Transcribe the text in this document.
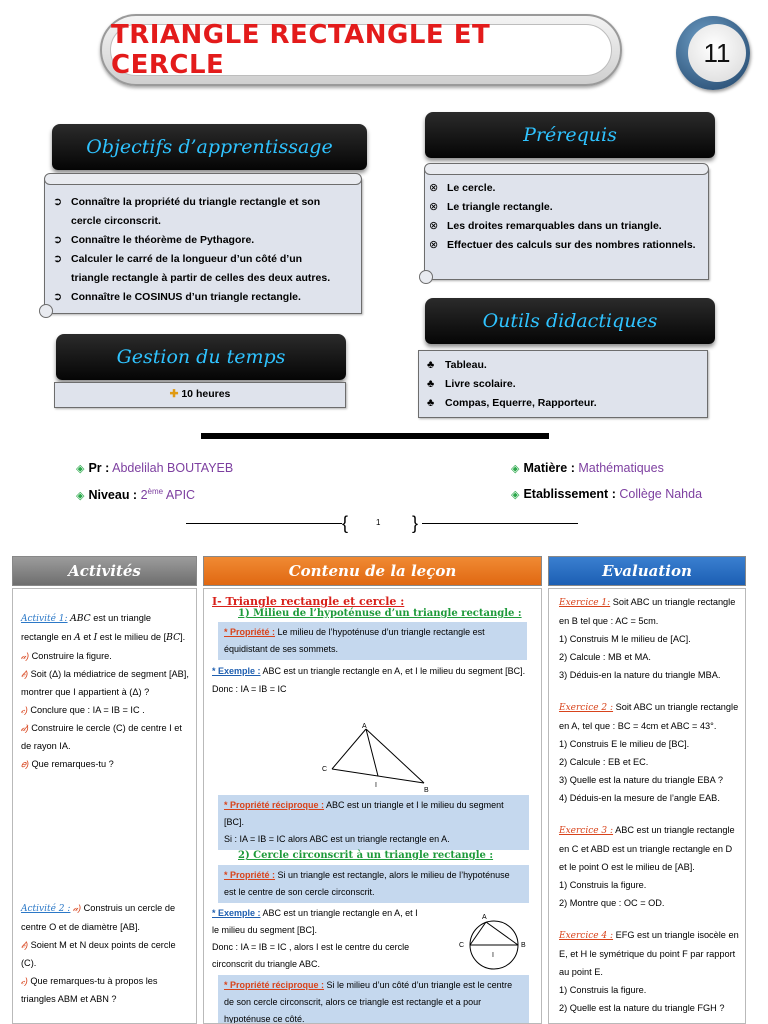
TRIANGLE RECTANGLE ET CERCLE	11
Objectifs d’apprentissage
➲ Connaître la propriété du triangle rectangle et son cercle circonscrit.
➲ Connaître le théorème de Pythagore.
➲ Calculer le carré de la longueur d’un côté d’un triangle rectangle à partir de celles des deux autres.
➲ Connaître le COSINUS d’un triangle rectangle.
Prérequis
⊗ Le cercle.
⊗ Le triangle rectangle.
⊗ Les droites remarquables dans un triangle.
⊗ Effectuer des calculs sur des nombres rationnels.
Gestion du temps
✚ 10 heures
Outils didactiques
♣ Tableau.
♣ Livre scolaire.
♣ Compas, Equerre, Rapporteur.
◈ Pr : Abdelilah BOUTAYEB
◈ Niveau : 2ème APIC
◈ Matière : Mathématiques
◈ Etablissement : Collège Nahda
{	1 }
Activités	Contenu de la leçon	Evaluation
Activité 1: ABC est un triangle rectangle en A et I est le milieu de [BC].
𝒶) Construire la figure.
𝒷) Soit (Δ) la médiatrice de segment [AB], montrer que I appartient à (Δ) ?
𝒸) Conclure que : IA = IB = IC .
𝒹) Construire le cercle (C) de centre I et de rayon IA.
𝑒) Que remarques-tu ?
Activité 2 : 𝒶) Construis un cercle de centre O et de diamètre [AB].
𝒷) Soient M et N deux points de cercle (C).
𝒸) Que remarques-tu à propos les triangles ABM et ABN ?
I- Triangle rectangle et cercle :
1) Milieu de l’hypoténuse d’un triangle rectangle :
* Propriété : Le milieu de l’hypoténuse d’un triangle rectangle est équidistant de ses sommets.
* Exemple : ABC est un triangle rectangle en A, et I le milieu du segment [BC].
Donc : IA = IB = IC
A
C
B
I
* Propriété réciproque : ABC est un triangle et I le milieu du segment [BC].
Si : IA = IB = IC alors ABC est un triangle rectangle en A.
2) Cercle circonscrit à un triangle rectangle :
* Propriété : Si un triangle est rectangle, alors le milieu de l’hypoténuse est le centre de son cercle circonscrit.
* Exemple : ABC est un triangle rectangle en A, et I le milieu du segment [BC].
Donc : IA = IB = IC , alors I est le centre du cercle circonscrit du triangle ABC.
A
C	B
I
* Propriété réciproque : Si le milieu d’un côté d’un triangle est le centre de son cercle circonscrit, alors ce triangle est rectangle et a pour hypoténuse ce côté.
Exercice 1: Soit ABC un triangle rectangle en B tel que : AC = 5cm.
1) Construis M le milieu de [AC].
2) Calcule : MB et MA.
3) Déduis-en la nature du triangle MBA.
Exercice 2 : Soit ABC un triangle rectangle en A, tel que : BC = 4cm et ABC = 43°.
1) Construis E le milieu de [BC].
2) Calcule : EB et EC.
3) Quelle est la nature du triangle EBA ?
4) Déduis-en la mesure de l’angle EAB.
Exercice 3 : ABC est un triangle rectangle en C et ABD est un triangle rectangle en D et le point O est le milieu de [AB].
1) Construis la figure.
2) Montre que : OC = OD.
Exercice 4 : EFG est un triangle isocèle en E, et H le symétrique du point F par rapport au point E.
1) Construis la figure.
2) Quelle est la nature du triangle FGH ?
